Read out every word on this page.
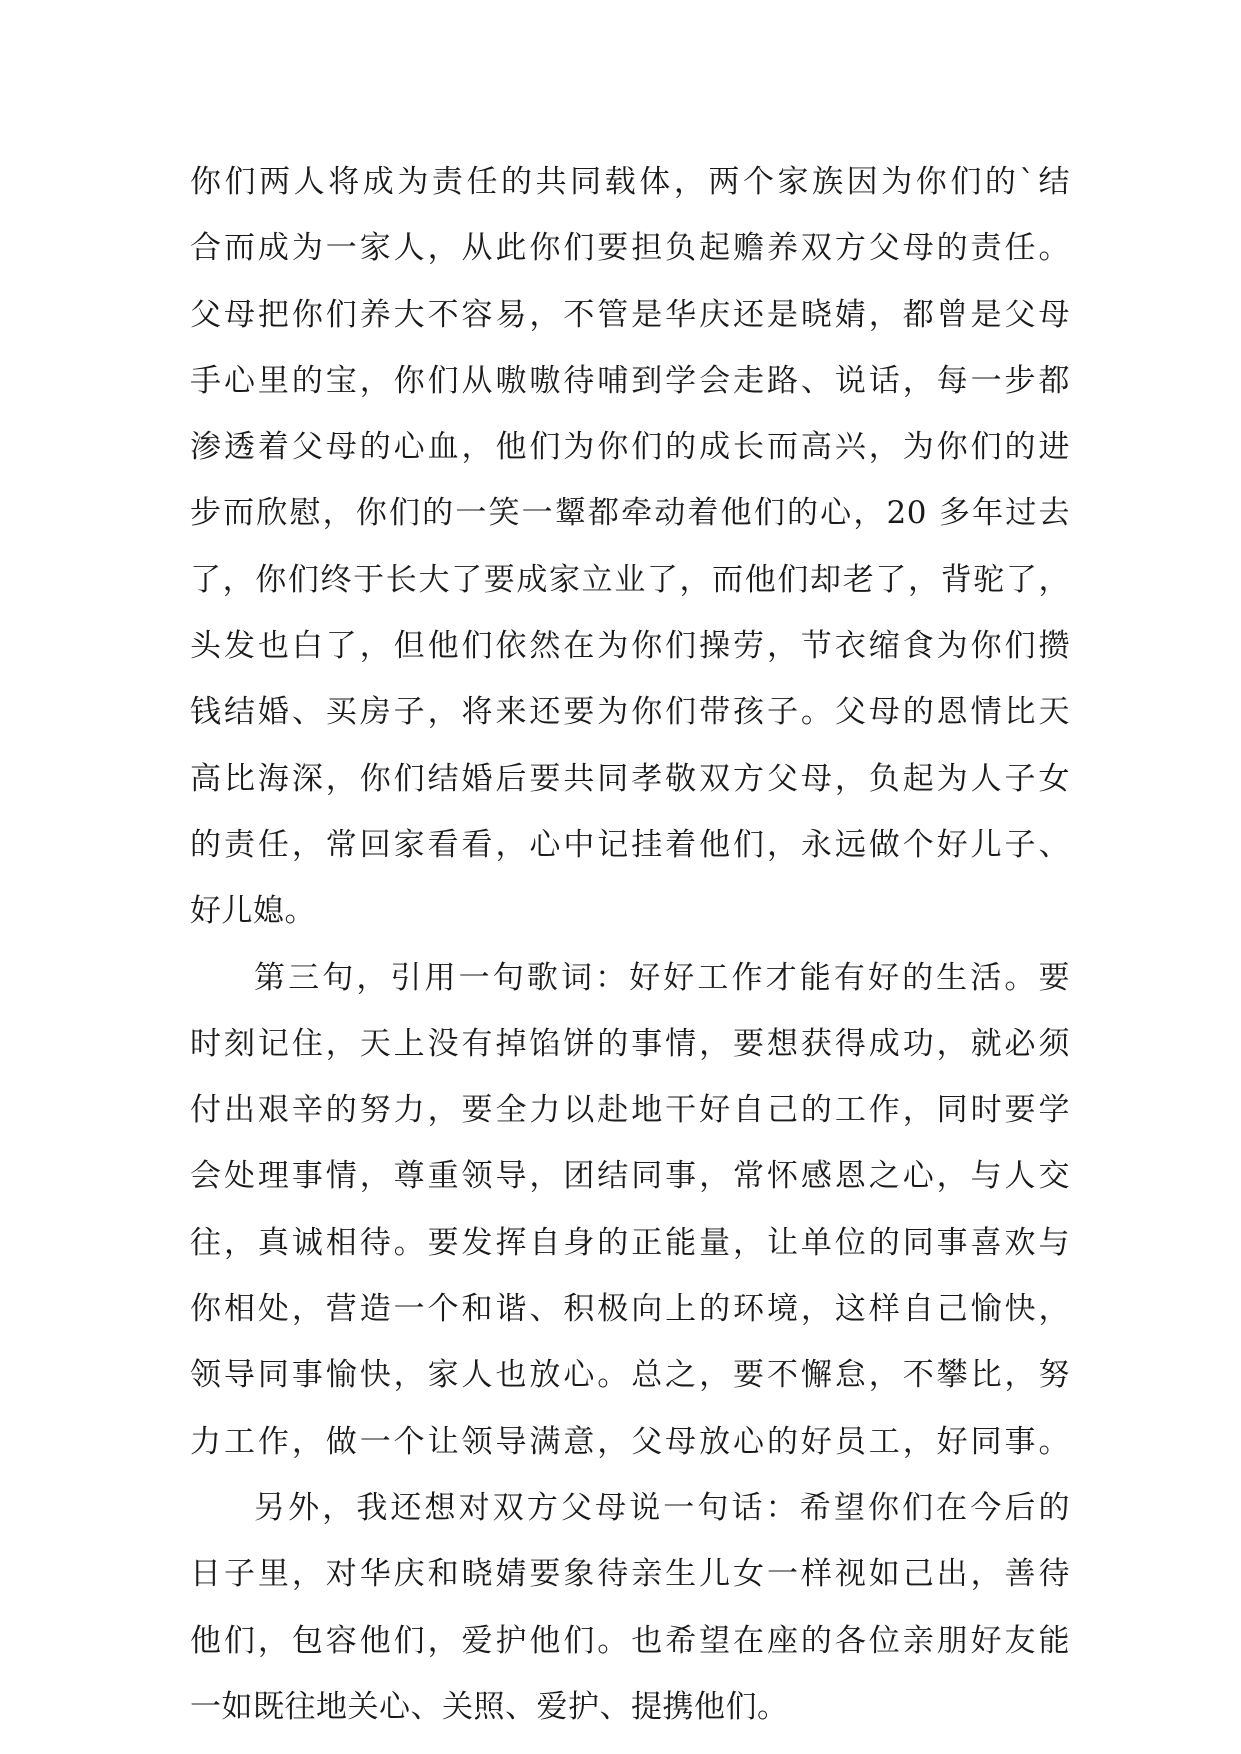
你们两人将成为责任的共同载体，两个家族因为你们的`结
合而成为一家人，从此你们要担负起赡养双方父母的责任。
父母把你们养大不容易，不管是华庆还是晓婧，都曾是父母
手心里的宝，你们从嗷嗷待哺到学会走路、说话，每一步都
渗透着父母的心血，他们为你们的成长而高兴，为你们的进
步而欣慰，你们的一笑一颦都牵动着他们的心，20 多年过去
了，你们终于长大了要成家立业了，而他们却老了，背驼了，
头发也白了，但他们依然在为你们操劳，节衣缩食为你们攒
钱结婚、买房子，将来还要为你们带孩子。父母的恩情比天
高比海深，你们结婚后要共同孝敬双方父母，负起为人子女
的责任，常回家看看，心中记挂着他们，永远做个好儿子、
好儿媳。
第三句，引用一句歌词：好好工作才能有好的生活。要
时刻记住，天上没有掉馅饼的事情，要想获得成功，就必须
付出艰辛的努力，要全力以赴地干好自己的工作，同时要学
会处理事情，尊重领导，团结同事，常怀感恩之心，与人交
往，真诚相待。要发挥自身的正能量，让单位的同事喜欢与
你相处，营造一个和谐、积极向上的环境，这样自己愉快，
领导同事愉快，家人也放心。总之，要不懈怠，不攀比，努
力工作，做一个让领导满意，父母放心的好员工，好同事。
另外，我还想对双方父母说一句话：希望你们在今后的
日子里，对华庆和晓婧要象待亲生儿女一样视如己出，善待
他们，包容他们，爱护他们。也希望在座的各位亲朋好友能
一如既往地关心、关照、爱护、提携他们。
